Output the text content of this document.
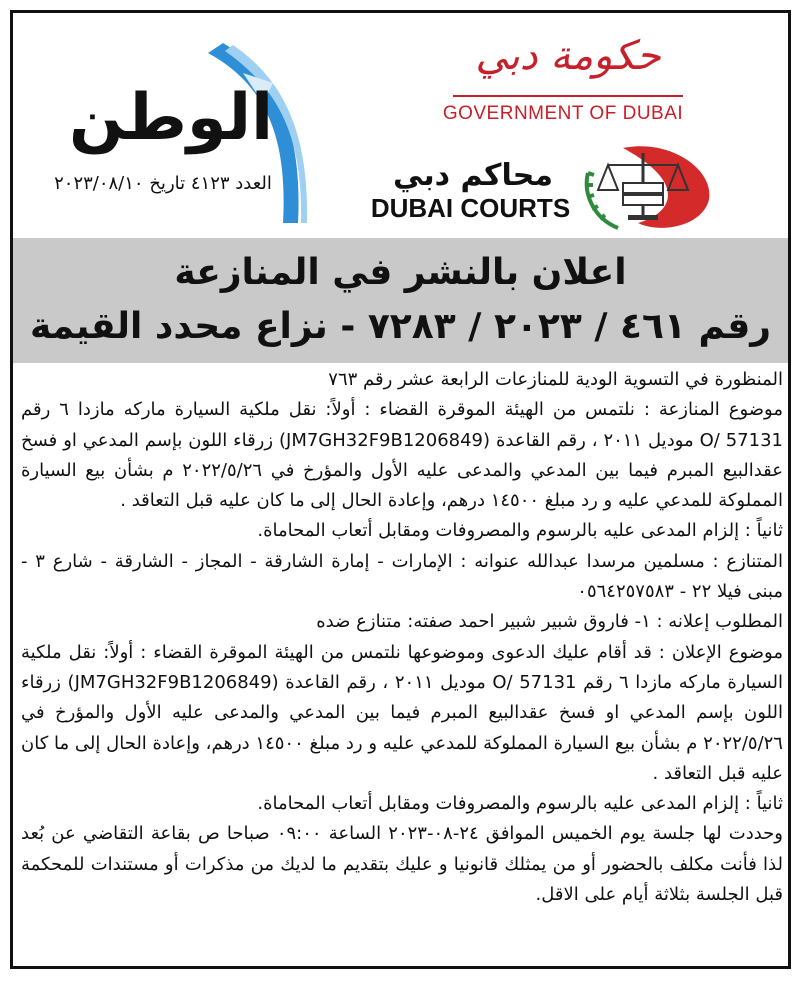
الوطن
العدد ٤١٢٣ تاريخ ٢٠٢٣/٠٨/١٠
حكومة دبي
GOVERNMENT OF DUBAI
محاكم دبي
DUBAI COURTS

اعلان بالنشر في المنازعة

رقم ٤٦١ / ٢٠٢٣ / ٧٢٨٣ - نزاع محدد القيمة

المنظورة في التسوية الودية للمنازعات الرابعة عشر رقم ٧٦٣

موضوع المنازعة : نلتمس من الهيئة الموقرة القضاء : أولاً: نقل ملكية السيارة ماركه مازدا ٦ رقم 57131 /O موديل ٢٠١١ ، رقم القاعدة (JM7GH32F9B1206849) زرقاء اللون بإسم المدعي او فسخ عقدالبيع المبرم فيما بين المدعي والمدعى عليه الأول والمؤرخ في ٢٠٢٢/٥/٢٦ م بشأن بيع السيارة المملوكة للمدعي عليه و رد مبلغ ١٤٥٠٠ درهم، وإعادة الحال إلى ما كان عليه قبل التعاقد .

ثانياً : إلزام المدعى عليه بالرسوم والمصروفات ومقابل أتعاب المحاماة.

المتنازع : مسلمين مرسدا عبدالله عنوانه : الإمارات - إمارة الشارقة - المجاز - الشارقة - شارع ٣ - مبنى فيلا ٢٢ - ٠٥٦٤٢٥٧٥٨٣

المطلوب إعلانه : ١- فاروق شبير شبير احمد صفته: متنازع ضده

موضوع الإعلان : قد أقام عليك الدعوى وموضوعها نلتمس من الهيئة الموقرة القضاء : أولاً: نقل ملكية السيارة ماركه مازدا ٦ رقم 57131 /O موديل ٢٠١١ ، رقم القاعدة (JM7GH32F9B1206849) زرقاء اللون بإسم المدعي او فسخ عقدالبيع المبرم فيما بين المدعي والمدعى عليه الأول والمؤرخ في ٢٠٢٢/٥/٢٦ م بشأن بيع السيارة المملوكة للمدعي عليه و رد مبلغ ١٤٥٠٠ درهم، وإعادة الحال إلى ما كان عليه قبل التعاقد .

ثانياً : إلزام المدعى عليه بالرسوم والمصروفات ومقابل أتعاب المحاماة.

وحددت لها جلسة يوم الخميس الموافق ٢٤-٠٨-٢٠٢٣ الساعة ٠٩:٠٠ صباحا ص بقاعة التقاضي عن بُعد لذا فأنت مكلف بالحضور أو من يمثلك قانونيا و عليك بتقديم ما لديك من مذكرات أو مستندات للمحكمة قبل الجلسة بثلاثة أيام على الاقل.
